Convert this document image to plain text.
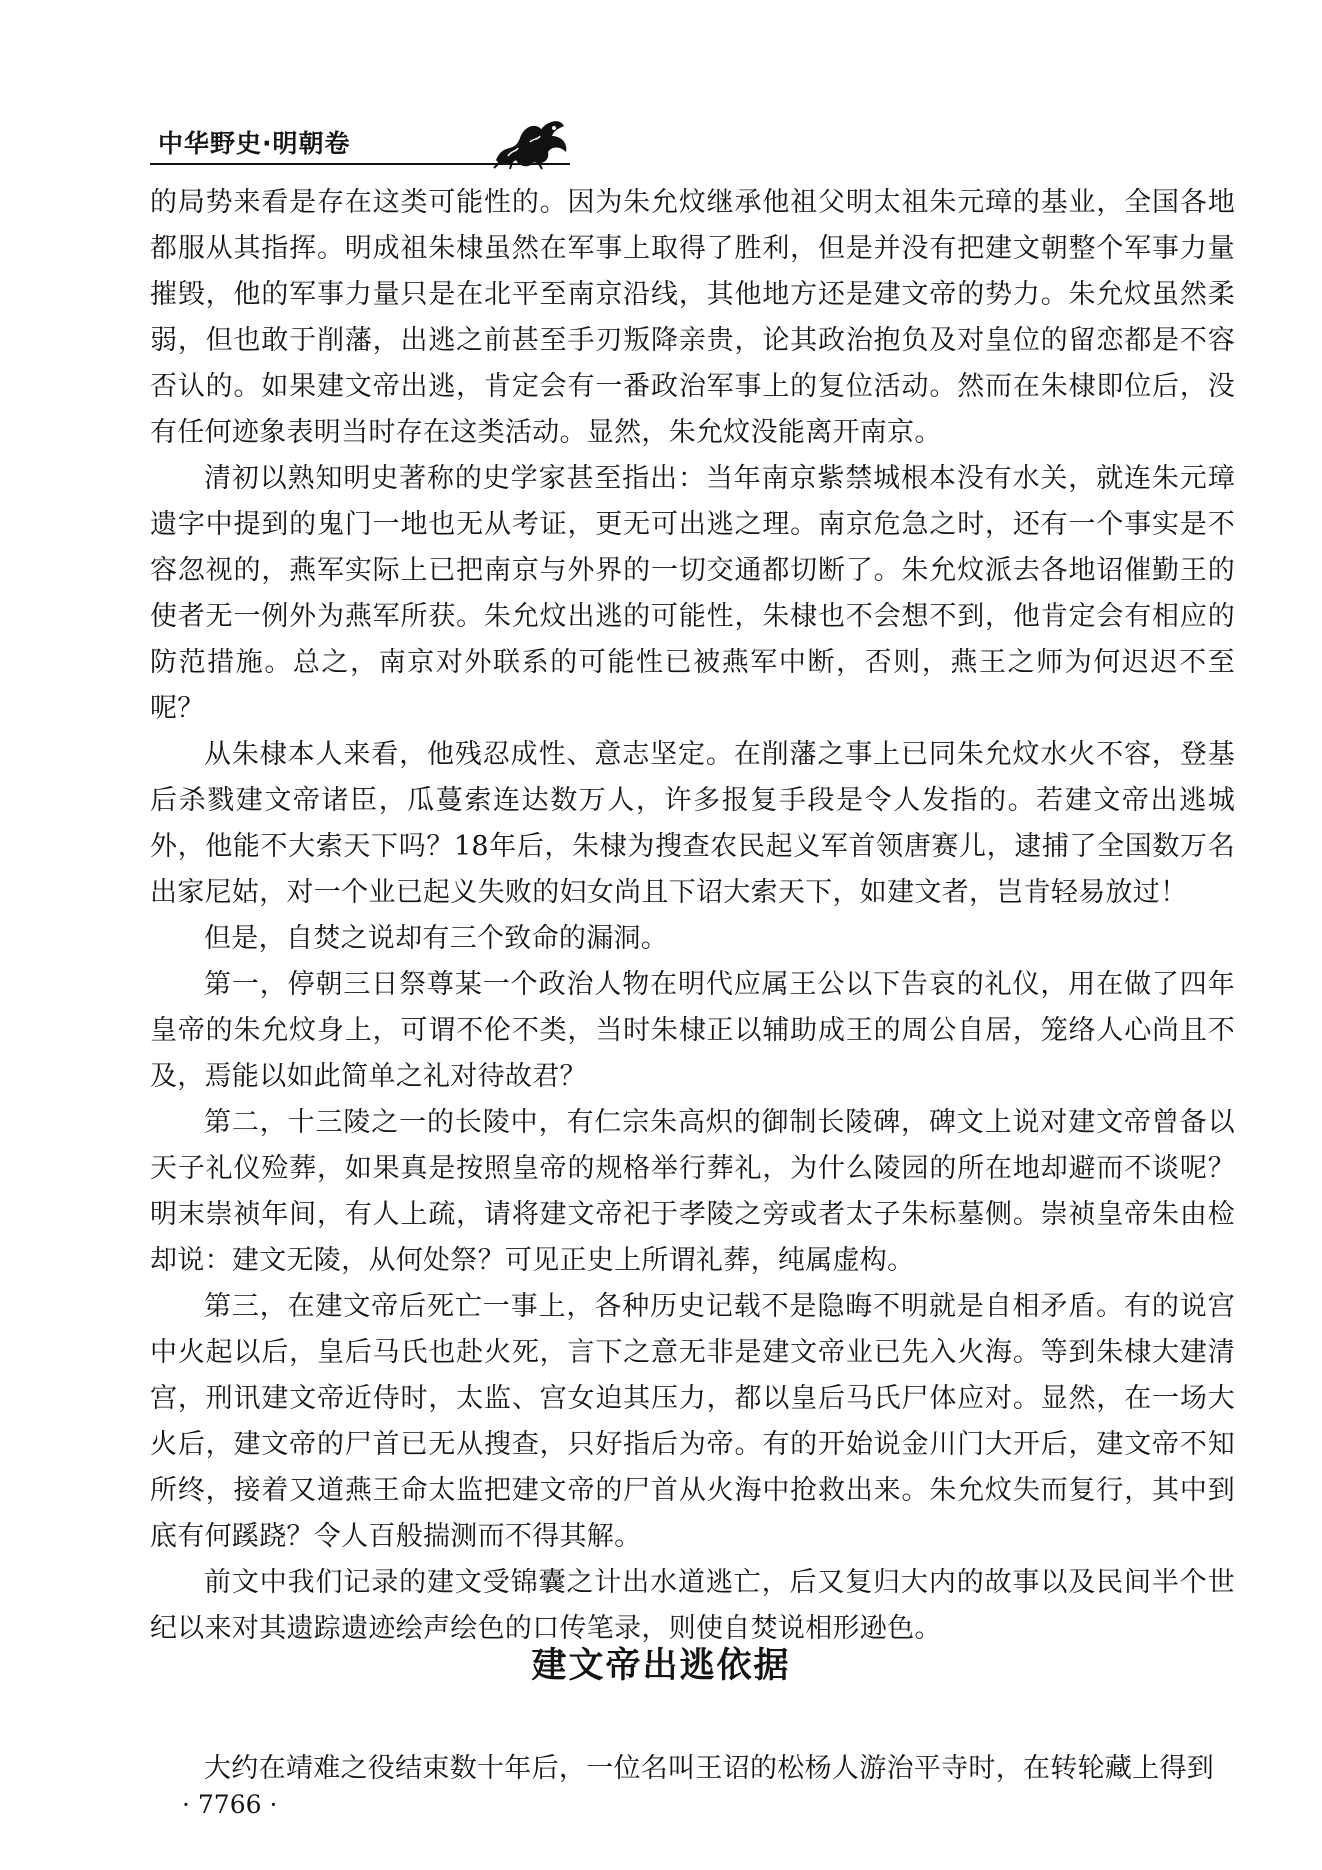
中华野史·明朝卷

的局势来看是存在这类可能性的。因为朱允炆继承他祖父明太祖朱元璋的基业，全国各地都服从其指挥。明成祖朱棣虽然在军事上取得了胜利，但是并没有把建文朝整个军事力量摧毁，他的军事力量只是在北平至南京沿线，其他地方还是建文帝的势力。朱允炆虽然柔弱，但也敢于削藩，出逃之前甚至手刃叛降亲贵，论其政治抱负及对皇位的留恋都是不容否认的。如果建文帝出逃，肯定会有一番政治军事上的复位活动。然而在朱棣即位后，没有任何迹象表明当时存在这类活动。显然，朱允炆没能离开南京。

清初以熟知明史著称的史学家甚至指出：当年南京紫禁城根本没有水关，就连朱元璋遗字中提到的鬼门一地也无从考证，更无可出逃之理。南京危急之时，还有一个事实是不容忽视的，燕军实际上已把南京与外界的一切交通都切断了。朱允炆派去各地诏催勤王的使者无一例外为燕军所获。朱允炆出逃的可能性，朱棣也不会想不到，他肯定会有相应的防范措施。总之，南京对外联系的可能性已被燕军中断，否则，燕王之师为何迟迟不至呢？

从朱棣本人来看，他残忍成性、意志坚定。在削藩之事上已同朱允炆水火不容，登基后杀戮建文帝诸臣，瓜蔓索连达数万人，许多报复手段是令人发指的。若建文帝出逃城外，他能不大索天下吗？18年后，朱棣为搜查农民起义军首领唐赛儿，逮捕了全国数万名出家尼姑，对一个业已起义失败的妇女尚且下诏大索天下，如建文者，岂肯轻易放过！

但是，自焚之说却有三个致命的漏洞。

第一，停朝三日祭尊某一个政治人物在明代应属王公以下告哀的礼仪，用在做了四年皇帝的朱允炆身上，可谓不伦不类，当时朱棣正以辅助成王的周公自居，笼络人心尚且不及，焉能以如此简单之礼对待故君？

第二，十三陵之一的长陵中，有仁宗朱高炽的御制长陵碑，碑文上说对建文帝曾备以天子礼仪殓葬，如果真是按照皇帝的规格举行葬礼，为什么陵园的所在地却避而不谈呢？明末崇祯年间，有人上疏，请将建文帝祀于孝陵之旁或者太子朱标墓侧。崇祯皇帝朱由检却说：建文无陵，从何处祭？可见正史上所谓礼葬，纯属虚构。

第三，在建文帝后死亡一事上，各种历史记载不是隐晦不明就是自相矛盾。有的说宫中火起以后，皇后马氏也赴火死，言下之意无非是建文帝业已先入火海。等到朱棣大建清宫，刑讯建文帝近侍时，太监、宫女迫其压力，都以皇后马氏尸体应对。显然，在一场大火后，建文帝的尸首已无从搜查，只好指后为帝。有的开始说金川门大开后，建文帝不知所终，接着又道燕王命太监把建文帝的尸首从火海中抢救出来。朱允炆失而复行，其中到底有何蹊跷？令人百般揣测而不得其解。

前文中我们记录的建文受锦囊之计出水道逃亡，后又复归大内的故事以及民间半个世纪以来对其遗踪遗迹绘声绘色的口传笔录，则使自焚说相形逊色。

建文帝出逃依据
大约在靖难之役结束数十年后，一位名叫王诏的松杨人游治平寺时，在转轮藏上得到
· 7766 ·
